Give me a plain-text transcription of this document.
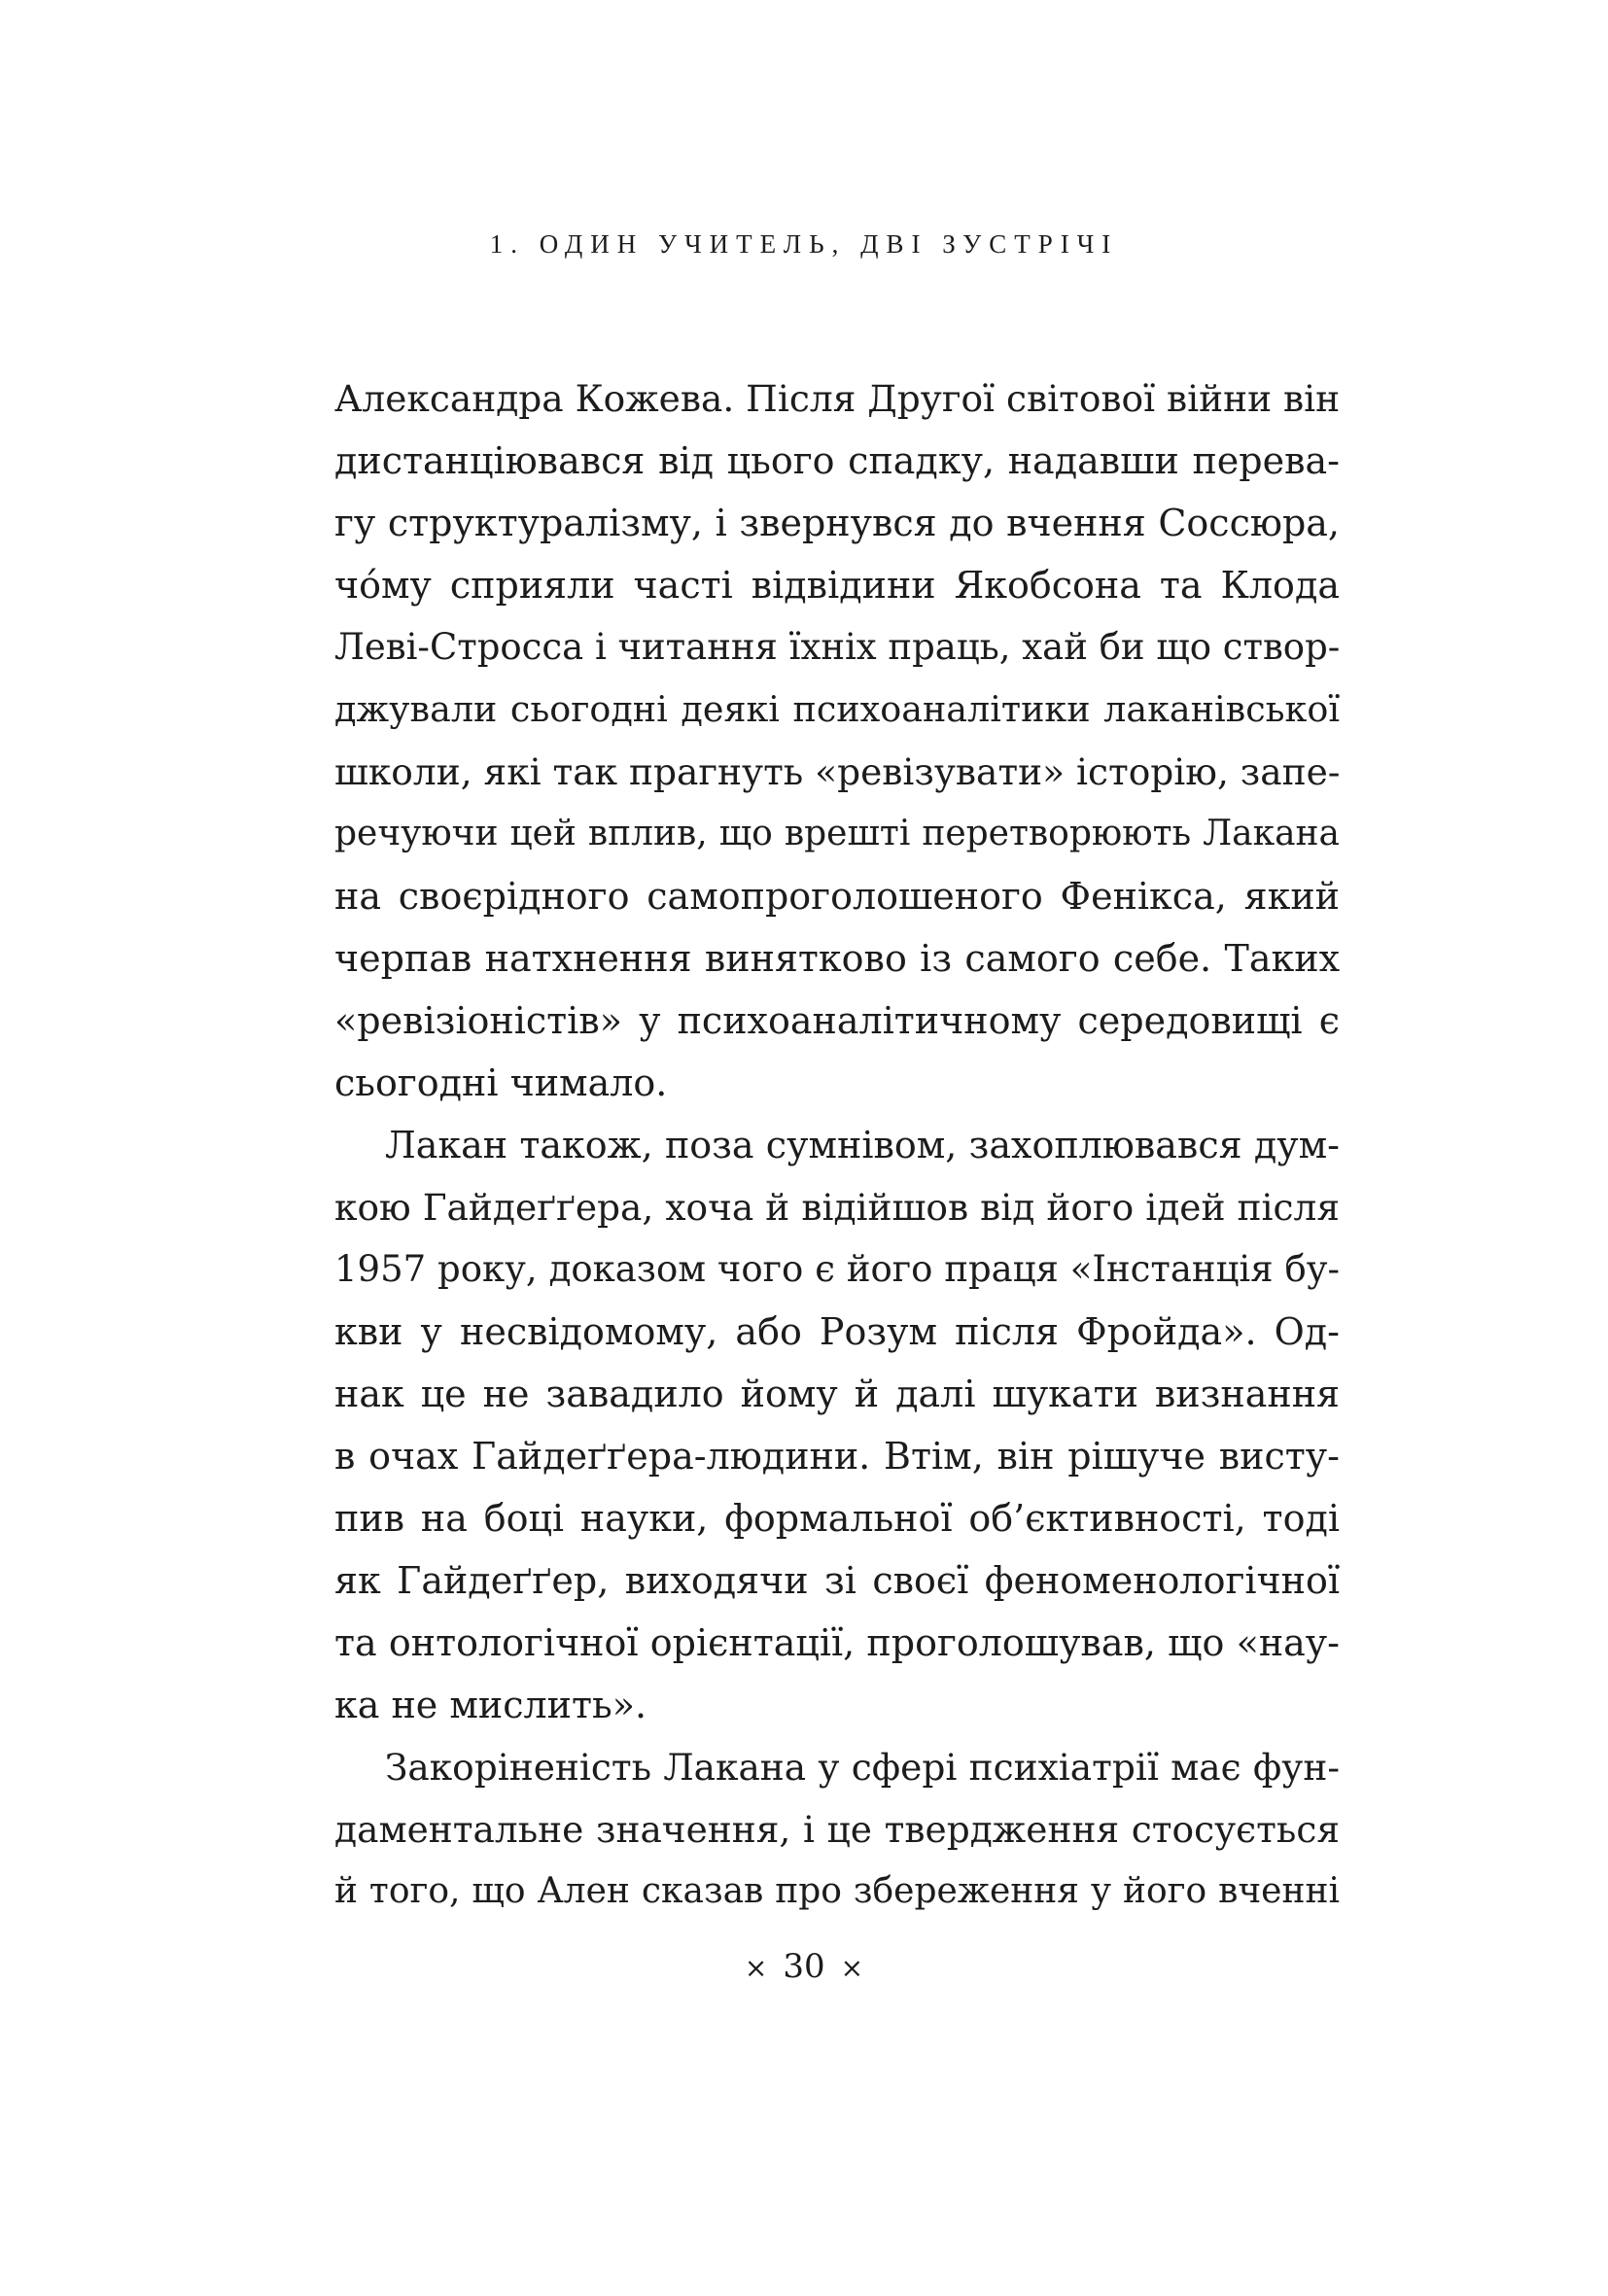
1. ОДИН УЧИТЕЛЬ, ДВІ ЗУСТРІЧІ
Александра Кожева. Після Другої світової війни він
дистанціювався від цього спадку, надавши перева-
гу структуралізму, і звернувся до вчення Соссюра,
чо́му сприяли часті відвідини Якобсона та Клода
Леві-Стросса і читання їхніх праць, хай би що створ-
джували сьогодні деякі психоаналітики лаканівської
школи, які так прагнуть «ревізувати» історію, запе-
речуючи цей вплив, що врешті перетворюють Лакана
на своєрідного самопроголошеного Фенікса, який
черпав натхнення винятково із самого себе. Таких
«ревізіоністів» у психоаналітичному середовищі є
сьогодні чимало.
Лакан також, поза сумнівом, захоплювався дум-
кою Гайдеґґера, хоча й відійшов від його ідей після
1957 року, доказом чого є його праця «Інстанція бу-
кви у несвідомому, або Розум після Фройда». Од-
нак це не завадило йому й далі шукати визнання
в очах Гайдеґґера-людини. Втім, він рішуче висту-
пив на боці науки, формальної об’єктивності, тоді
як Гайдеґґер, виходячи зі своєї феноменологічної
та онтологічної орієнтації, проголошував, що «нау-
ка не мислить».
Закоріненість Лакана у сфері психіатрії має фун-
даментальне значення, і це твердження стосується
й того, що Ален сказав про збереження у його вченні
× 30 ×
